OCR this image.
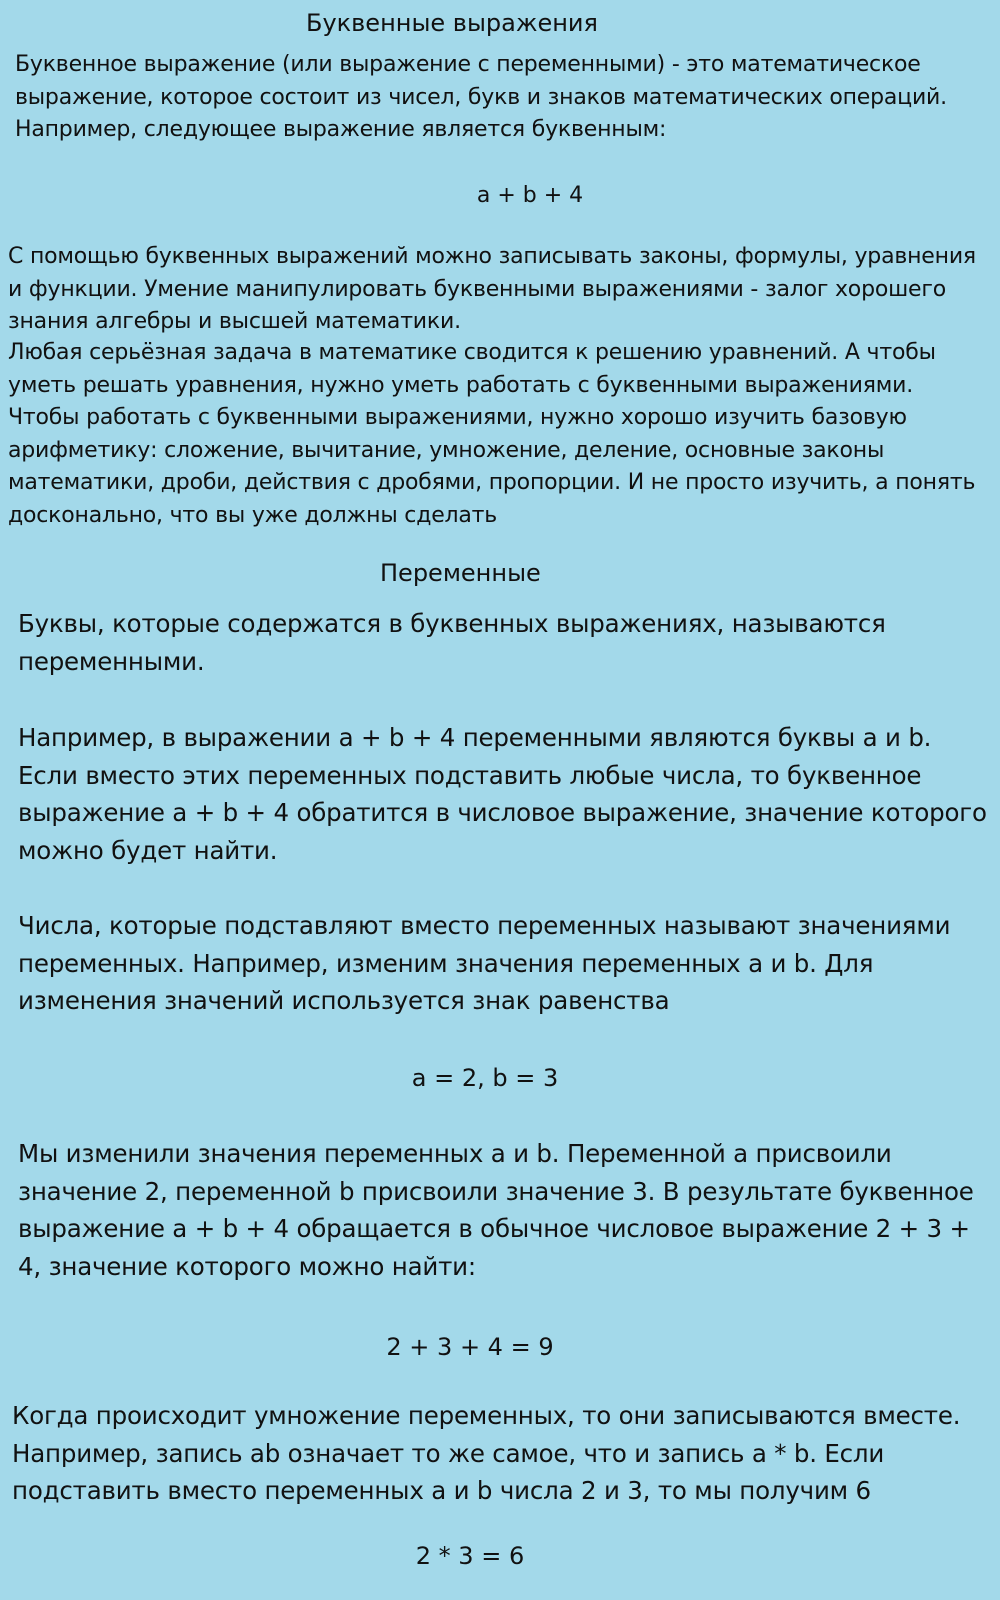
Буквенные выражения

Буквенное выражение (или выражение с переменными) - это математическое выражение, которое состоит из чисел, букв и знаков математических операций. Например, следующее выражение является буквенным:

a + b + 4

С помощью буквенных выражений можно записывать законы, формулы, уравнения и функции. Умение манипулировать буквенными выражениями - залог хорошего знания алгебры и высшей математики.

Любая серьёзная задача в математике сводится к решению уравнений. А чтобы уметь решать уравнения, нужно уметь работать с буквенными выражениями.

Чтобы работать с буквенными выражениями, нужно хорошо изучить базовую арифметику: сложение, вычитание, умножение, деление, основные законы математики, дроби, действия с дробями, пропорции. И не просто изучить, а понять досконально, что вы уже должны сделать

Переменные

Буквы, которые содержатся в буквенных выражениях, называются переменными.

Например, в выражении a + b + 4 переменными являются буквы a и b. Если вместо этих переменных подставить любые числа, то буквенное выражение a + b + 4 обратится в числовое выражение, значение которого можно будет найти.

Числа, которые подставляют вместо переменных называют значениями переменных. Например, изменим значения переменных a и b. Для изменения значений используется знак равенства

a = 2, b = 3

Мы изменили значения переменных a и b. Переменной a присвоили значение 2, переменной b присвоили значение 3. В результате буквенное выражение a + b + 4 обращается в обычное числовое выражение 2 + 3 + 4, значение которого можно найти:

2 + 3 + 4 = 9

Когда происходит умножение переменных, то они записываются вместе. Например, запись ab означает то же самое, что и запись a * b. Если подставить вместо переменных a и b числа 2 и 3, то мы получим 6

2 * 3 = 6
